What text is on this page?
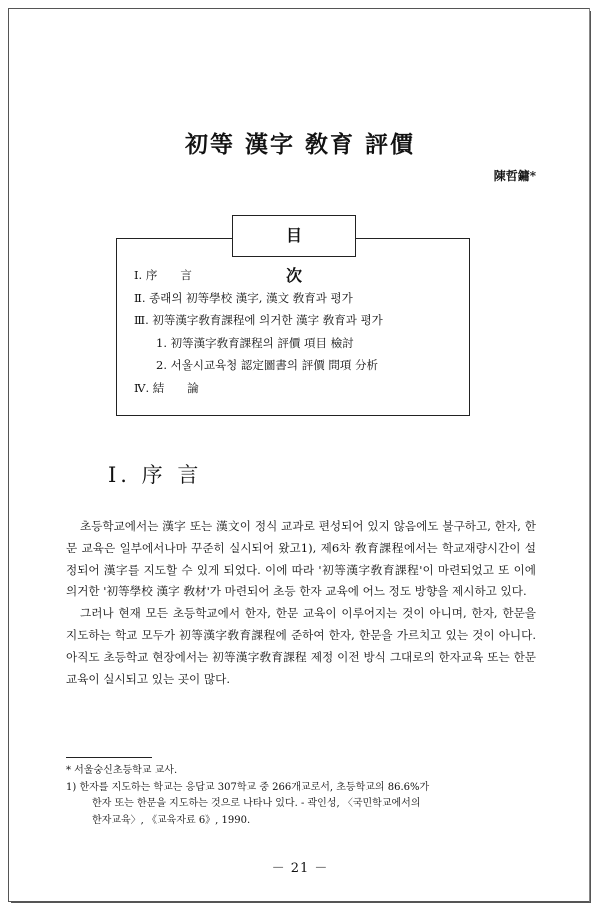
初等 漢字 敎育 評價
陳哲鏞*
目 次
Ⅰ. 序　　言
Ⅱ. 종래의 初等學校 漢字, 漢文 敎育과 평가
Ⅲ. 初等漢字敎育課程에 의거한 漢字 敎育과 평가
1. 初等漢字敎育課程의 評價 項目 檢討
2. 서울시교육청 認定圖書의 評價 問項 分析
Ⅳ. 結　　論
Ⅰ. 序 言

초등학교에서는 漢字 또는 漢文이 정식 교과로 편성되어 있지 않음에도 불구하고, 한자, 한문 교육은 일부에서나마 꾸준히 실시되어 왔고1), 제6차 敎育課程에서는 학교재량시간이 설정되어 漢字를 지도할 수 있게 되었다. 이에 따라 '初等漢字敎育課程'이 마련되었고 또 이에 의거한 '初等學校 漢字 敎材'가 마련되어 초등 한자 교육에 어느 정도 방향을 제시하고 있다.

그러나 현재 모든 초등학교에서 한자, 한문 교육이 이루어지는 것이 아니며, 한자, 한문을 지도하는 학교 모두가 初等漢字敎育課程에 준하여 한자, 한문을 가르치고 있는 것이 아니다. 아직도 초등학교 현장에서는 初等漢字敎育課程 제정 이전 방식 그대로의 한자교육 또는 한문교육이 실시되고 있는 곳이 많다.

* 서울숭신초등학교 교사.

1) 한자를 지도하는 학교는 응답교 307학교 중 266개교로서, 초등학교의 86.6%가

한자 또는 한문을 지도하는 것으로 나타나 있다. - 곽인성, 〈국민학교에서의

한자교육〉, 《교육자료 6》, 1990.

－ 21 －
